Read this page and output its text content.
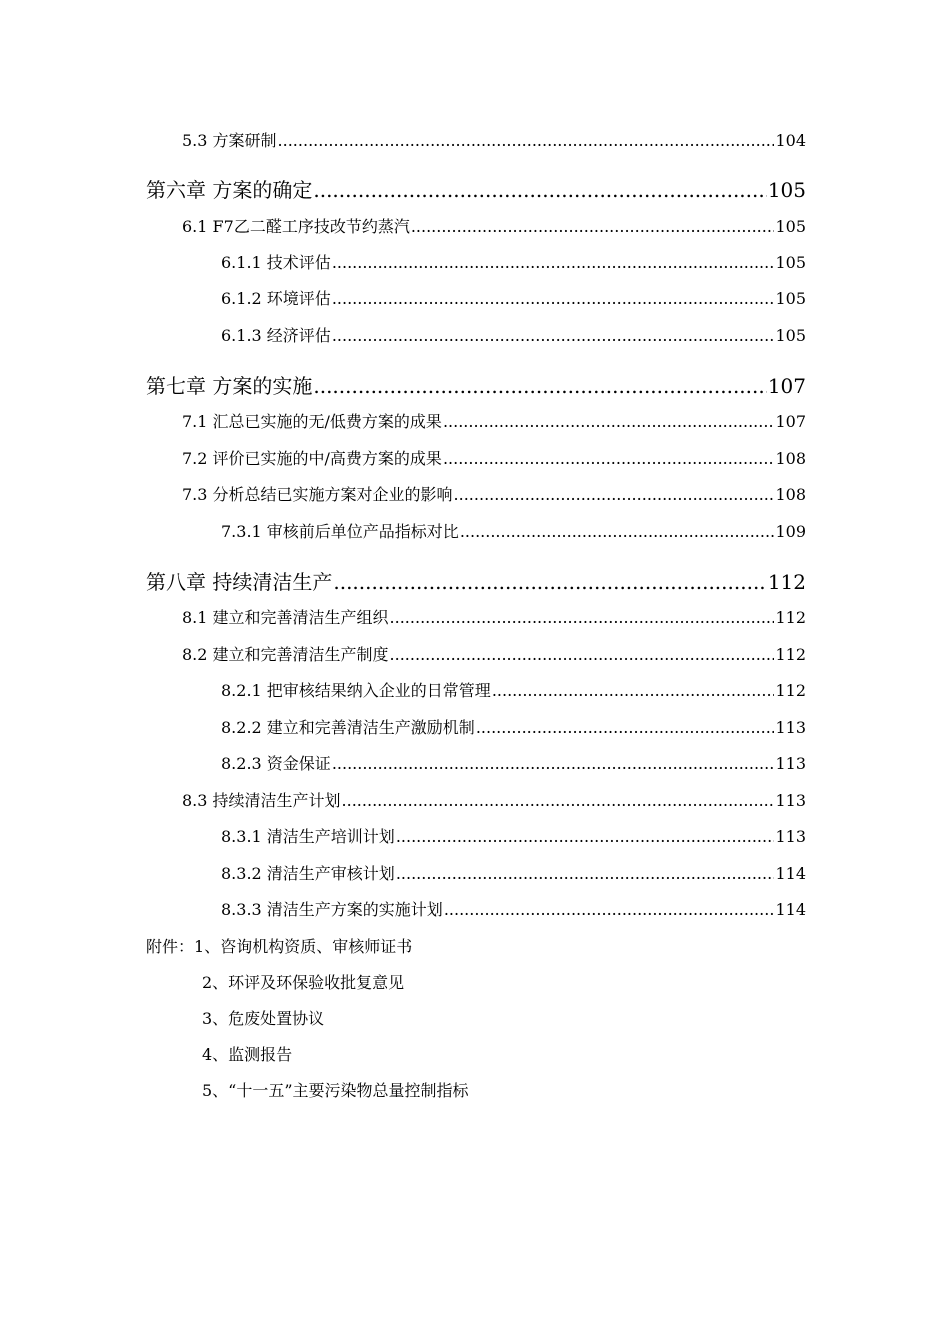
5.3 方案研制 .....	104
第六章 方案的确定 .....	105
6.1 F7乙二醛工序技改节约蒸汽 .....	105
6.1.1 技术评估 .....	105
6.1.2 环境评估 .....	105
6.1.3 经济评估 .....	105
第七章 方案的实施 .....	107
7.1 汇总已实施的无/低费方案的成果 .....	107
7.2 评价已实施的中/高费方案的成果 .....	108
7.3 分析总结已实施方案对企业的影响 .....	108
7.3.1 审核前后单位产品指标对比 .....	109
第八章 持续清洁生产 .....	112
8.1 建立和完善清洁生产组织 .....	112
8.2 建立和完善清洁生产制度 .....	112
8.2.1 把审核结果纳入企业的日常管理 .....	112
8.2.2 建立和完善清洁生产激励机制 .....	113
8.2.3 资金保证 .....	113
8.3 持续清洁生产计划 .....	113
8.3.1 清洁生产培训计划 .....	113
8.3.2 清洁生产审核计划 .....	114
8.3.3 清洁生产方案的实施计划 .....	114
附件：1、咨询机构资质、审核师证书
2、环评及环保验收批复意见
3、危废处置协议
4、监测报告
5、“十一五”主要污染物总量控制指标
